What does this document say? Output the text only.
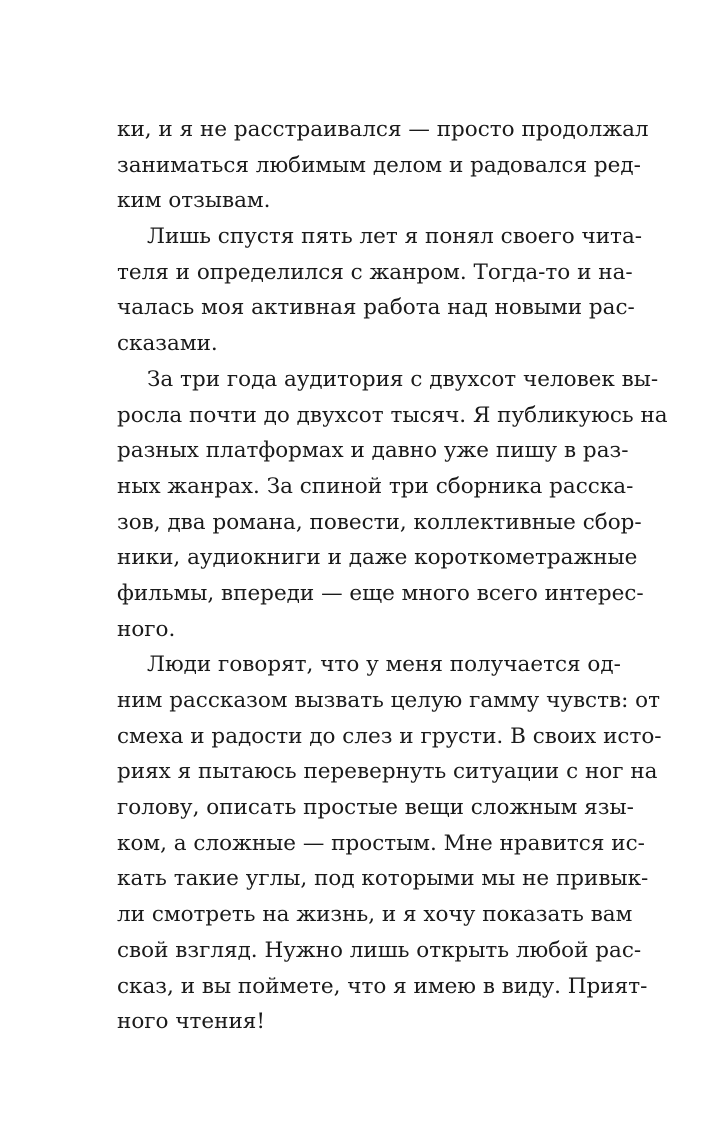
ки, и я не расстраивался — просто продолжал
заниматься любимым делом и радовался ред-
ким отзывам.
Лишь спустя пять лет я понял своего чита-
теля и определился с жанром. Тогда-то и на-
чалась моя активная работа над новыми рас-
сказами.
За три года аудитория с двухсот человек вы-
росла почти до двухсот тысяч. Я публикуюсь на
разных платформах и давно уже пишу в раз-
ных жанрах. За спиной три сборника расска-
зов, два романа, повести, коллективные сбор-
ники, аудиокниги и даже короткометражные
фильмы, впереди — еще много всего интерес-
ного.
Люди говорят, что у меня получается од-
ним рассказом вызвать целую гамму чувств: от
смеха и радости до слез и грусти. В своих исто-
риях я пытаюсь перевернуть ситуации с ног на
голову, описать простые вещи сложным язы-
ком, а сложные — простым. Мне нравится ис-
кать такие углы, под которыми мы не привык-
ли смотреть на жизнь, и я хочу показать вам
свой взгляд. Нужно лишь открыть любой рас-
сказ, и вы поймете, что я имею в виду. Прият-
ного чтения!
